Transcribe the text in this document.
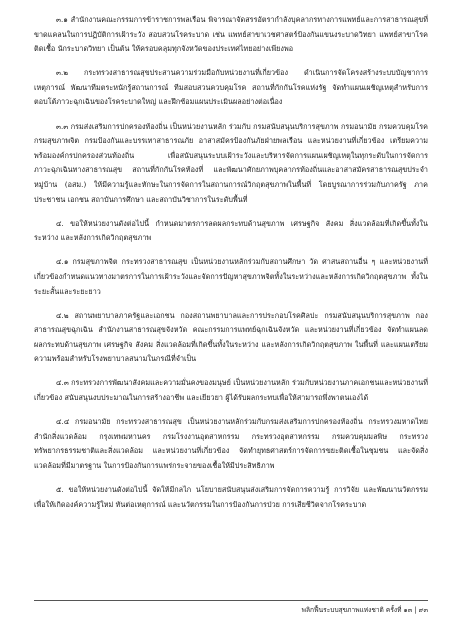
๓.๑ สำนักงานคณะกรรมการข้าราชการพลเรือน พิจารณาจัดสรรอัตรากำลังบุคลากรทางการแพทย์และการสาธารณสุขที่ขาดแคลนในการปฏิบัติการเฝ้าระวัง สอบสวนโรคระบาด เช่น แพทย์สาขาเวชศาสตร์ป้องกันแขนงระบาดวิทยา แพทย์สาขาโรคติดเชื้อ นักระบาดวิทยา เป็นต้น ให้ครอบคลุมทุกจังหวัดของประเทศไทยอย่างเพียงพอ

๓.๒ กระทรวงสาธารณสุขประสานความร่วมมือกับหน่วยงานที่เกี่ยวข้อง ดำเนินการจัดโครงสร้างระบบบัญชาการเหตุการณ์ พัฒนาทีมตระหนักรู้สถานการณ์ ทีมสอบสวนควบคุมโรค สถานที่กักกันโรคแห่งรัฐ จัดทำแผนเผชิญเหตุสำหรับการตอบโต้ภาวะฉุกเฉินของโรคระบาดใหญ่ และฝึกซ้อมแผนประเมินผลอย่างต่อเนื่อง

๓.๓ กรมส่งเสริมการปกครองท้องถิ่น เป็นหน่วยงานหลัก ร่วมกับ กรมสนับสนุนบริการสุขภาพ กรมอนามัย กรมควบคุมโรค กรมสุขภาพจิต กรมป้องกันและบรรเทาสาธารณภัย อาสาสมัครป้องกันภัยฝ่ายพลเรือน และหน่วยงานที่เกี่ยวข้อง เตรียมความพร้อมองค์กรปกครองส่วนท้องถิ่น เพื่อสนับสนุนระบบเฝ้าระวังและบริหารจัดการแผนเผชิญเหตุในทุกระดับในการจัดการภาวะฉุกเฉินทางสาธารณสุข สถานที่กักกันโรคท้องที่ และพัฒนาศักยภาพบุคลากรท้องถิ่นและอาสาสมัครสาธารณสุขประจำหมู่บ้าน (อสม.) ให้มีความรู้และทักษะในการจัดการในสถานการณ์วิกฤตสุขภาพในพื้นที่ โดยบูรณาการร่วมกับภาครัฐ ภาคประชาชน เอกชน สถาบันการศึกษา และสถาบันวิชาการในระดับพื้นที่

๔. ขอให้หน่วยงานดังต่อไปนี้ กำหนดมาตรการลดผลกระทบด้านสุขภาพ เศรษฐกิจ สังคม สิ่งแวดล้อมที่เกิดขึ้นทั้งในระหว่าง และหลังการเกิดวิกฤตสุขภาพ

๔.๑ กรมสุขภาพจิต กระทรวงสาธารณสุข เป็นหน่วยงานหลักร่วมกับสถานศึกษา วัด ศาสนสถานอื่น ๆ และหน่วยงานที่เกี่ยวข้องกำหนดแนวทางมาตรการในการเฝ้าระวังและจัดการปัญหาสุขภาพจิตทั้งในระหว่างและหลังการเกิดวิกฤตสุขภาพ ทั้งในระยะสั้นและระยะยาว

๔.๒ สถานพยาบาลภาครัฐและเอกชน กองสถานพยาบาลและการประกอบโรคศิลปะ กรมสนับสนุนบริการสุขภาพ กองสาธารณสุขฉุกเฉิน สำนักงานสาธารณสุขจังหวัด คณะกรรมการแพทย์ฉุกเฉินจังหวัด และหน่วยงานที่เกี่ยวข้อง จัดทำแผนลดผลกระทบด้านสุขภาพ เศรษฐกิจ สังคม สิ่งแวดล้อมที่เกิดขึ้นทั้งในระหว่าง และหลังการเกิดวิกฤตสุขภาพ ในพื้นที่ และแผนเตรียมความพร้อมสำหรับโรงพยาบาลสนามในกรณีที่จำเป็น

๔.๓ กระทรวงการพัฒนาสังคมและความมั่นคงของมนุษย์ เป็นหน่วยงานหลัก ร่วมกับหน่วยงานภาคเอกชนและหน่วยงานที่เกี่ยวข้อง สนับสนุนงบประมาณในการสร้างอาชีพ และเยียวยา ผู้ได้รับผลกระทบเพื่อให้สามารถพึ่งพาตนเองได้

๔.๔ กรมอนามัย กระทรวงสาธารณสุข เป็นหน่วยงานหลักร่วมกับกรมส่งเสริมการปกครองท้องถิ่น กระทรวงมหาดไทย สำนักสิ่งแวดล้อม กรุงเทพมหานคร กรมโรงงานอุตสาหกรรม กระทรวงอุตสาหกรรม กรมควบคุมมลพิษ กระทรวงทรัพยากรธรรมชาติและสิ่งแวดล้อม และหน่วยงานที่เกี่ยวข้อง จัดทำยุทธศาสตร์การจัดการขยะติดเชื้อในชุมชน และจัดสิ่งแวดล้อมที่มีมาตรฐาน ในการป้องกันการแพร่กระจายของเชื้อให้มีประสิทธิภาพ

๕. ขอให้หน่วยงานดังต่อไปนี้ จัดให้มีกลไก นโยบายสนับสนุนส่งเสริมการจัดการความรู้ การวิจัย และพัฒนานวัตกรรม เพื่อให้เกิดองค์ความรู้ใหม่ ทันต่อเหตุการณ์ และนวัตกรรมในการป้องกันการป่วย การเสียชีวิตจากโรคระบาด

พลิกฟื้นระบบสุขภาพแห่งชาติ ครั้งที่ ๑๓ | ๙๓
